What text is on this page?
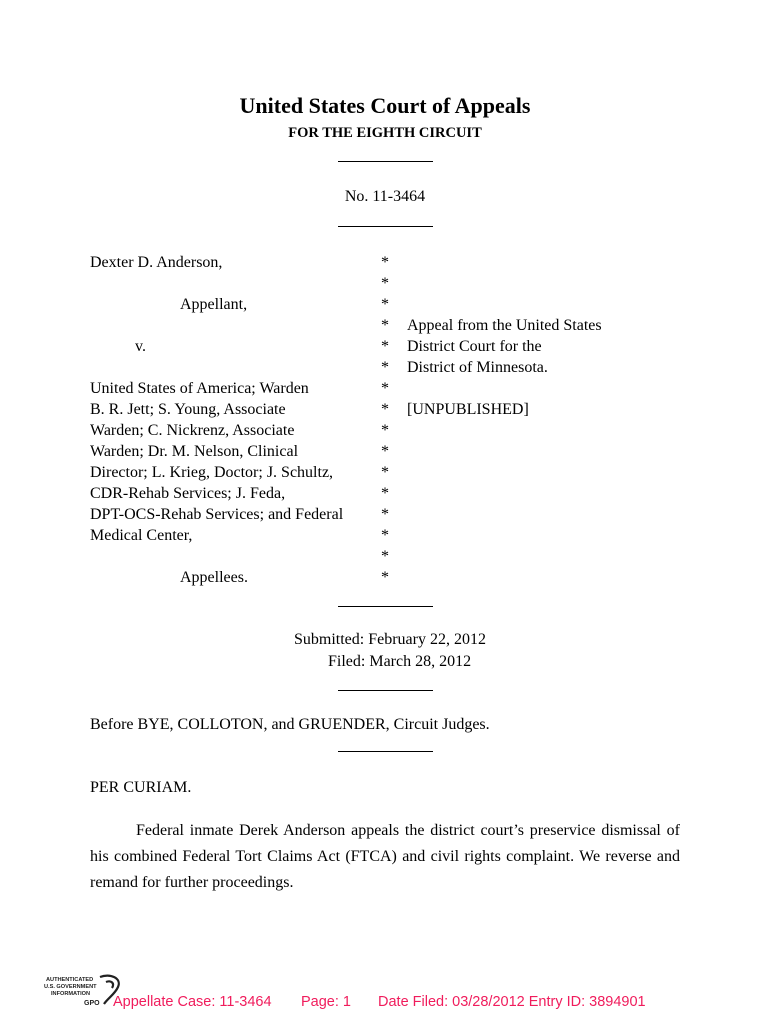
United States Court of Appeals
FOR THE EIGHTH CIRCUIT
No. 11-3464
Dexter D. Anderson,
Appellant,
v.
United States of America; Warden
B. R. Jett; S. Young, Associate
Warden; C. Nickrenz, Associate
Warden; Dr. M. Nelson, Clinical
Director; L. Krieg, Doctor; J. Schultz,
CDR-Rehab Services; J. Feda,
DPT-OCS-Rehab Services; and Federal
Medical Center,
Appellees.
*
*
*
*
*
*
*
*
*
*
*
*
*
*
*
*
Appeal from the United States
District Court for the
District of Minnesota.
[UNPUBLISHED]
Submitted: February 22, 2012
Filed: March 28, 2012
Before BYE, COLLOTON, and GRUENDER, Circuit Judges.
PER CURIAM.
Federal inmate Derek Anderson appeals the district court’s preservice dismissal of his combined Federal Tort Claims Act (FTCA) and civil rights complaint. We reverse and remand for further proceedings.
AUTHENTICATED
U.S. GOVERNMENT
INFORMATION
GPO Appellate Case: 11-3464 Page: 1 Date Filed: 03/28/2012 Entry ID: 3894901
